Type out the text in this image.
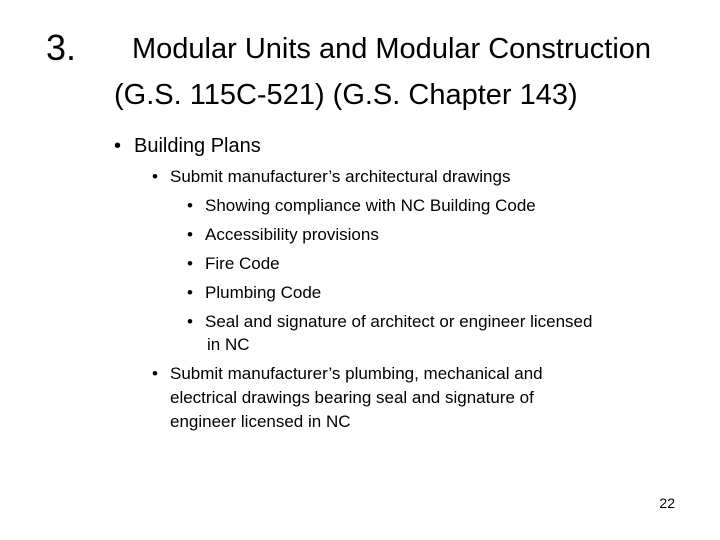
3. Modular Units and Modular Construction
(G.S. 115C-521) (G.S. Chapter 143)
• Building Plans
• Submit manufacturer’s architectural drawings
• Showing compliance with NC Building Code
• Accessibility provisions
• Fire Code
• Plumbing Code
• Seal and signature of architect or engineer licensed
in NC
• Submit manufacturer’s plumbing, mechanical and
electrical drawings bearing seal and signature of
engineer licensed in NC
22
